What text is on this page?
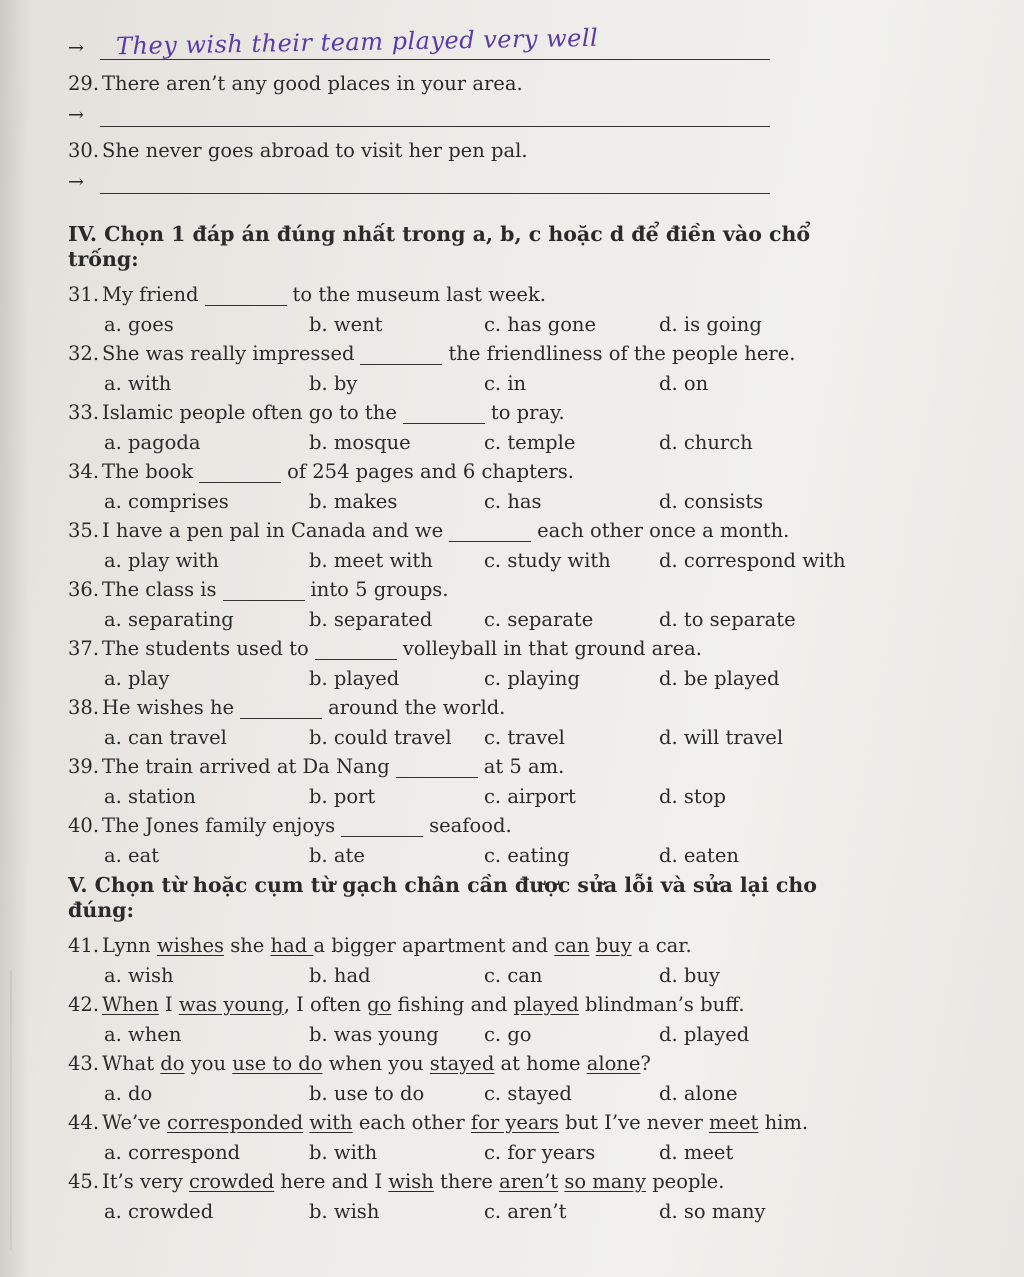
→	They wish their team played very well
29. There aren’t any good places in your area.
→
30. She never goes abroad to visit her pen pal.
→
IV. Chọn 1 đáp án đúng nhất trong a, b, c hoặc d để điền vào chổ trống:
31. My friend	to the museum last week.
a. goes	b. went	c. has gone	d. is going
32. She was really impressed	the friendliness of the people here.
a. with	b. by	c. in	d. on
33. Islamic people often go to the	to pray.
a. pagoda	b. mosque	c. temple	d. church
34. The book	of 254 pages and 6 chapters.
a. comprises	b. makes	c. has	d. consists
35. I have a pen pal in Canada and we	each other once a month.
a. play with	b. meet with	c. study with	d. correspond with
36. The class is	into 5 groups.
a. separating	b. separated	c. separate	d. to separate
37. The students used to	volleyball in that ground area.
a. play	b. played	c. playing	d. be played
38. He wishes he	around the world.
a. can travel	b. could travel	c. travel	d. will travel
39. The train arrived at Da Nang	at 5 am.
a. station	b. port	c. airport	d. stop
40. The Jones family enjoys	seafood.
a. eat	b. ate	c. eating	d. eaten
V. Chọn từ hoặc cụm từ gạch chân cần được sửa lỗi và sửa lại cho đúng:
41. Lynn wishes she had a bigger apartment and can buy a car.
a. wish	b. had	c. can	d. buy
42. When I was young, I often go fishing and played blindman’s buff.
a. when	b. was young	c. go	d. played
43. What do you use to do when you stayed at home alone?
a. do	b. use to do	c. stayed	d. alone
44. We’ve corresponded with each other for years but I’ve never meet him.
a. correspond	b. with	c. for years	d. meet
45. It’s very crowded here and I wish there aren’t so many people.
a. crowded	b. wish	c. aren’t	d. so many
